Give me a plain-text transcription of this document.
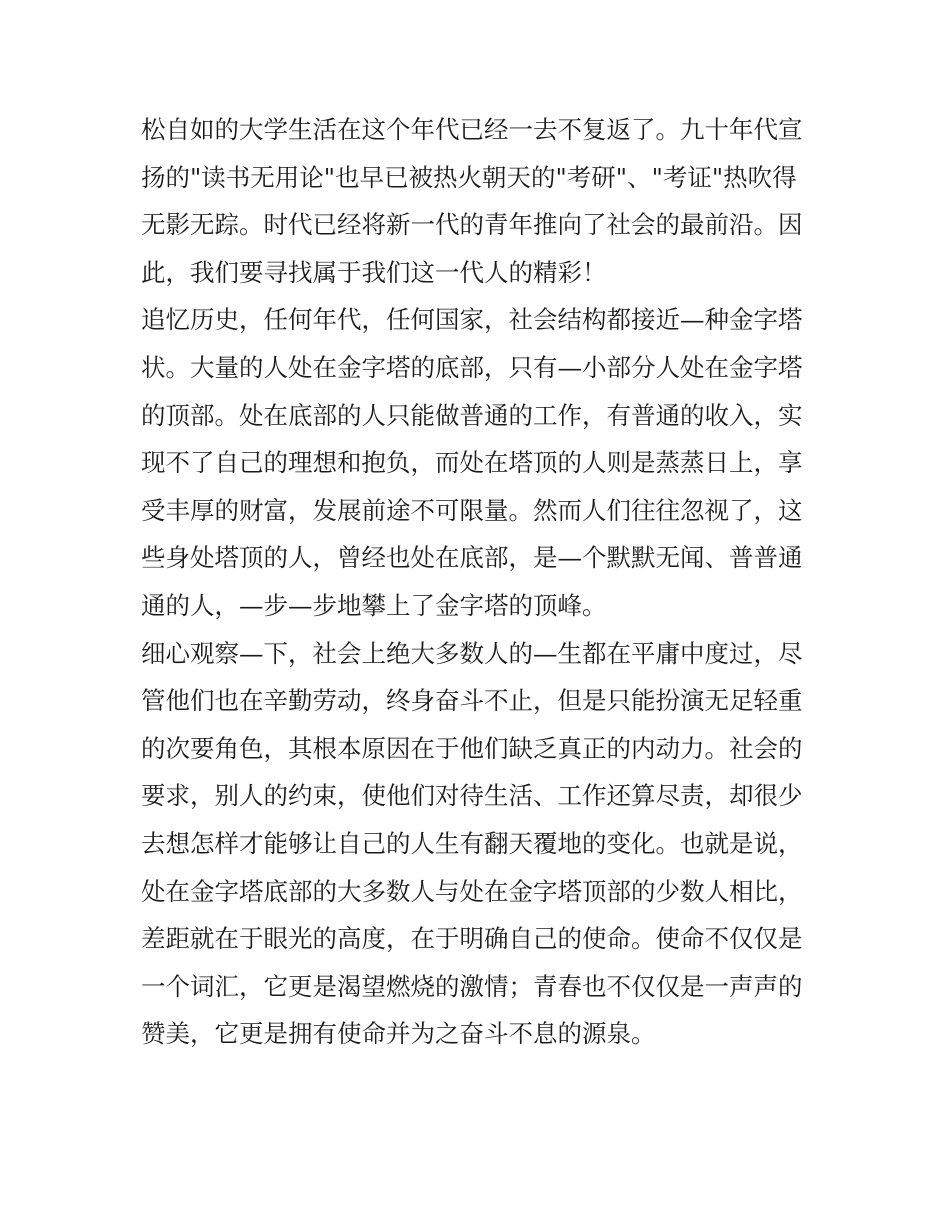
松自如的大学生活在这个年代已经一去不复返了。九十年代宣
扬的"读书无用论"也早已被热火朝天的"考研"、"考证"热吹得
无影无踪。时代已经将新一代的青年推向了社会的最前沿。因
此，我们要寻找属于我们这一代人的精彩！
追忆历史，任何年代，任何国家，社会结构都接近—种金字塔
状。大量的人处在金字塔的底部，只有—小部分人处在金字塔
的顶部。处在底部的人只能做普通的工作，有普通的收入，实
现不了自己的理想和抱负，而处在塔顶的人则是蒸蒸日上，享
受丰厚的财富，发展前途不可限量。然而人们往往忽视了，这
些身处塔顶的人，曾经也处在底部，是—个默默无闻、普普通
通的人，—步—步地攀上了金字塔的顶峰。
细心观察—下，社会上绝大多数人的—生都在平庸中度过，尽
管他们也在辛勤劳动，终身奋斗不止，但是只能扮演无足轻重
的次要角色，其根本原因在于他们缺乏真正的内动力。社会的
要求，别人的约束，使他们对待生活、工作还算尽责，却很少
去想怎样才能够让自己的人生有翻天覆地的变化。也就是说，
处在金字塔底部的大多数人与处在金字塔顶部的少数人相比，
差距就在于眼光的高度，在于明确自己的使命。使命不仅仅是
一个词汇，它更是渴望燃烧的激情；青春也不仅仅是一声声的
赞美，它更是拥有使命并为之奋斗不息的源泉。
